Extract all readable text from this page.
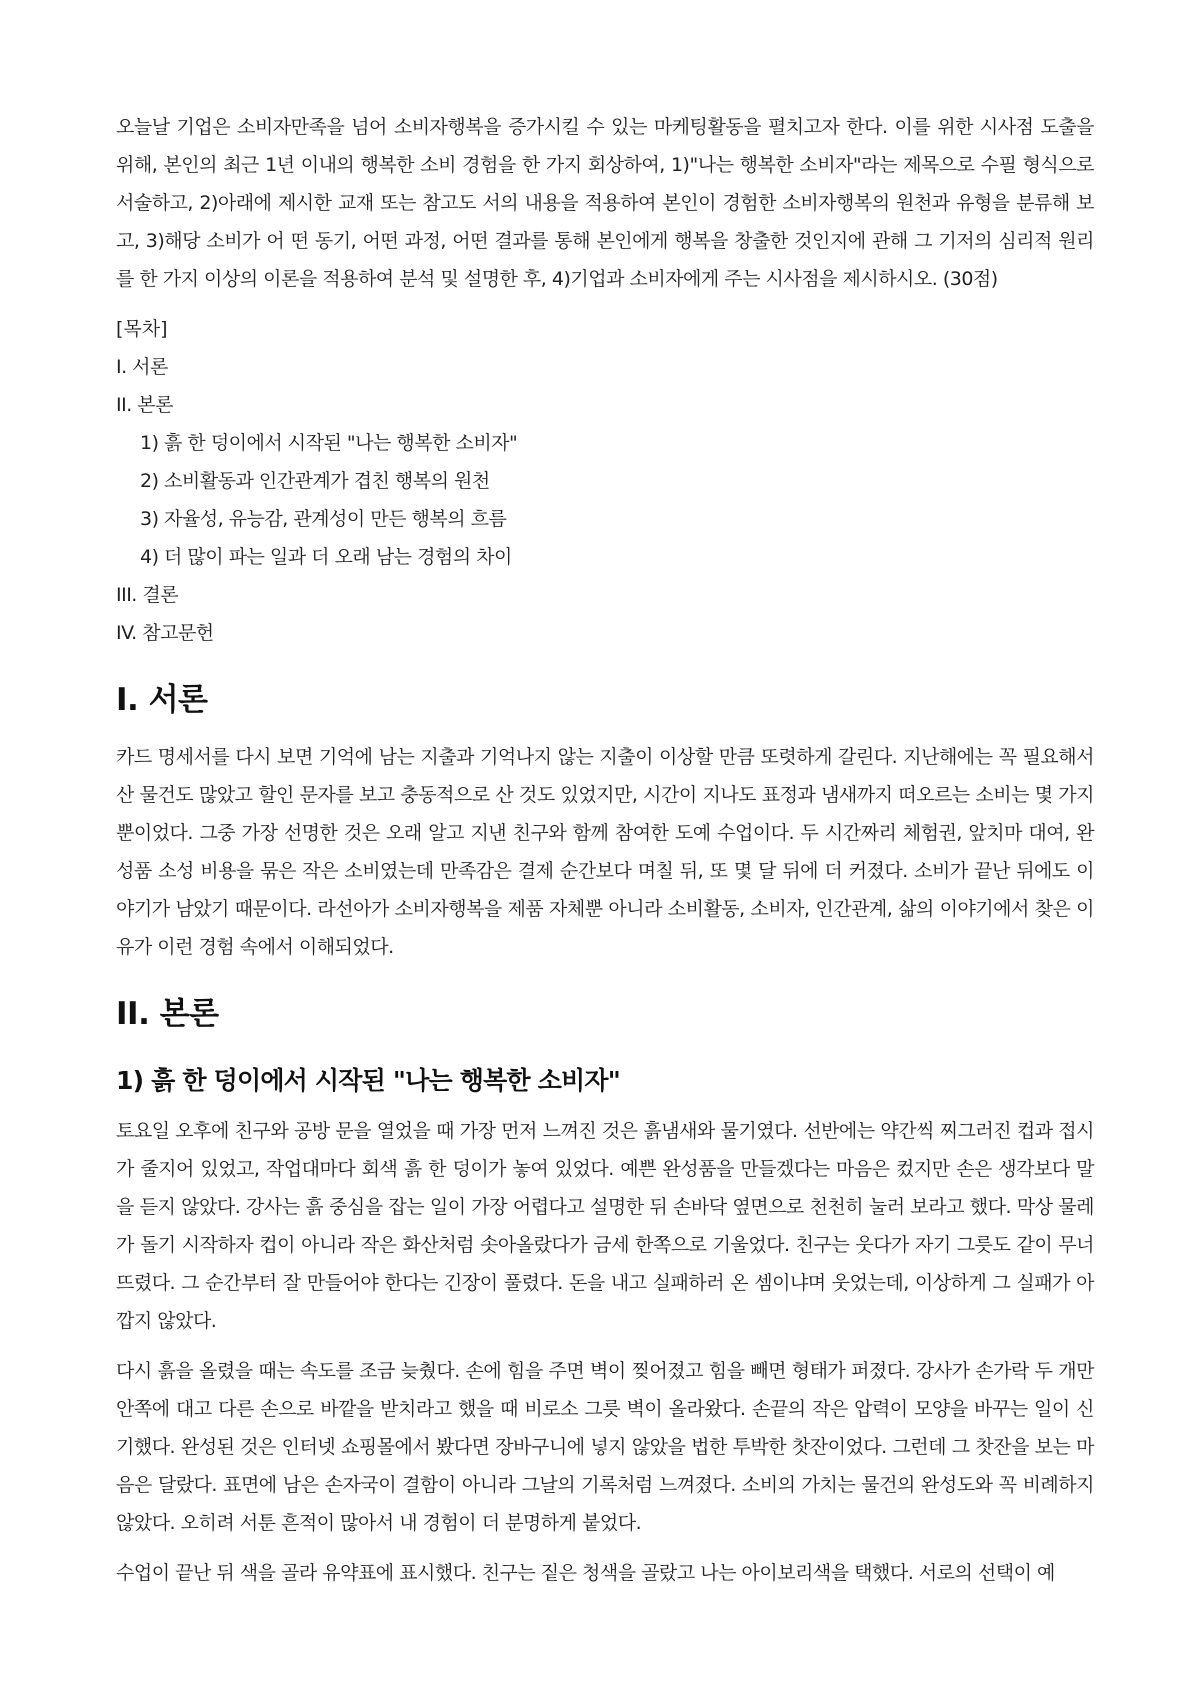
오늘날 기업은 소비자만족을 넘어 소비자행복을 증가시킬 수 있는 마케팅활동을 펼치고자 한다. 이를 위한 시사점 도출을 위해, 본인의 최근 1년 이내의 행복한 소비 경험을 한 가지 회상하여, 1)"나는 행복한 소비자"라는 제목으로 수필 형식으로 서술하고, 2)아래에 제시한 교재 또는 참고도 서의 내용을 적용하여 본인이 경험한 소비자행복의 원천과 유형을 분류해 보고, 3)해당 소비가 어 떤 동기, 어떤 과정, 어떤 결과를 통해 본인에게 행복을 창출한 것인지에 관해 그 기저의 심리적 원리를 한 가지 이상의 이론을 적용하여 분석 및 설명한 후, 4)기업과 소비자에게 주는 시사점을 제시하시오. (30점)

[목차]
I. 서론
II. 본론
1) 흙 한 덩이에서 시작된 "나는 행복한 소비자"
2) 소비활동과 인간관계가 겹친 행복의 원천
3) 자율성, 유능감, 관계성이 만든 행복의 흐름
4) 더 많이 파는 일과 더 오래 남는 경험의 차이
III. 결론
IV. 참고문헌
I. 서론

카드 명세서를 다시 보면 기억에 남는 지출과 기억나지 않는 지출이 이상할 만큼 또렷하게 갈린다. 지난해에는 꼭 필요해서 산 물건도 많았고 할인 문자를 보고 충동적으로 산 것도 있었지만, 시간이 지나도 표정과 냄새까지 떠오르는 소비는 몇 가지뿐이었다. 그중 가장 선명한 것은 오래 알고 지낸 친구와 함께 참여한 도예 수업이다. 두 시간짜리 체험권, 앞치마 대여, 완성품 소성 비용을 묶은 작은 소비였는데 만족감은 결제 순간보다 며칠 뒤, 또 몇 달 뒤에 더 커졌다. 소비가 끝난 뒤에도 이야기가 남았기 때문이다. 라선아가 소비자행복을 제품 자체뿐 아니라 소비활동, 소비자, 인간관계, 삶의 이야기에서 찾은 이유가 이런 경험 속에서 이해되었다.

II. 본론
1) 흙 한 덩이에서 시작된 "나는 행복한 소비자"

토요일 오후에 친구와 공방 문을 열었을 때 가장 먼저 느껴진 것은 흙냄새와 물기였다. 선반에는 약간씩 찌그러진 컵과 접시가 줄지어 있었고, 작업대마다 회색 흙 한 덩이가 놓여 있었다. 예쁜 완성품을 만들겠다는 마음은 컸지만 손은 생각보다 말을 듣지 않았다. 강사는 흙 중심을 잡는 일이 가장 어렵다고 설명한 뒤 손바닥 옆면으로 천천히 눌러 보라고 했다. 막상 물레가 돌기 시작하자 컵이 아니라 작은 화산처럼 솟아올랐다가 금세 한쪽으로 기울었다. 친구는 웃다가 자기 그릇도 같이 무너뜨렸다. 그 순간부터 잘 만들어야 한다는 긴장이 풀렸다. 돈을 내고 실패하러 온 셈이냐며 웃었는데, 이상하게 그 실패가 아깝지 않았다.

다시 흙을 올렸을 때는 속도를 조금 늦췄다. 손에 힘을 주면 벽이 찢어졌고 힘을 빼면 형태가 퍼졌다. 강사가 손가락 두 개만 안쪽에 대고 다른 손으로 바깥을 받치라고 했을 때 비로소 그릇 벽이 올라왔다. 손끝의 작은 압력이 모양을 바꾸는 일이 신기했다. 완성된 것은 인터넷 쇼핑몰에서 봤다면 장바구니에 넣지 않았을 법한 투박한 찻잔이었다. 그런데 그 찻잔을 보는 마음은 달랐다. 표면에 남은 손자국이 결함이 아니라 그날의 기록처럼 느껴졌다. 소비의 가치는 물건의 완성도와 꼭 비례하지 않았다. 오히려 서툰 흔적이 많아서 내 경험이 더 분명하게 붙었다.

수업이 끝난 뒤 색을 골라 유약표에 표시했다. 친구는 짙은 청색을 골랐고 나는 아이보리색을 택했다. 서로의 선택이 예
